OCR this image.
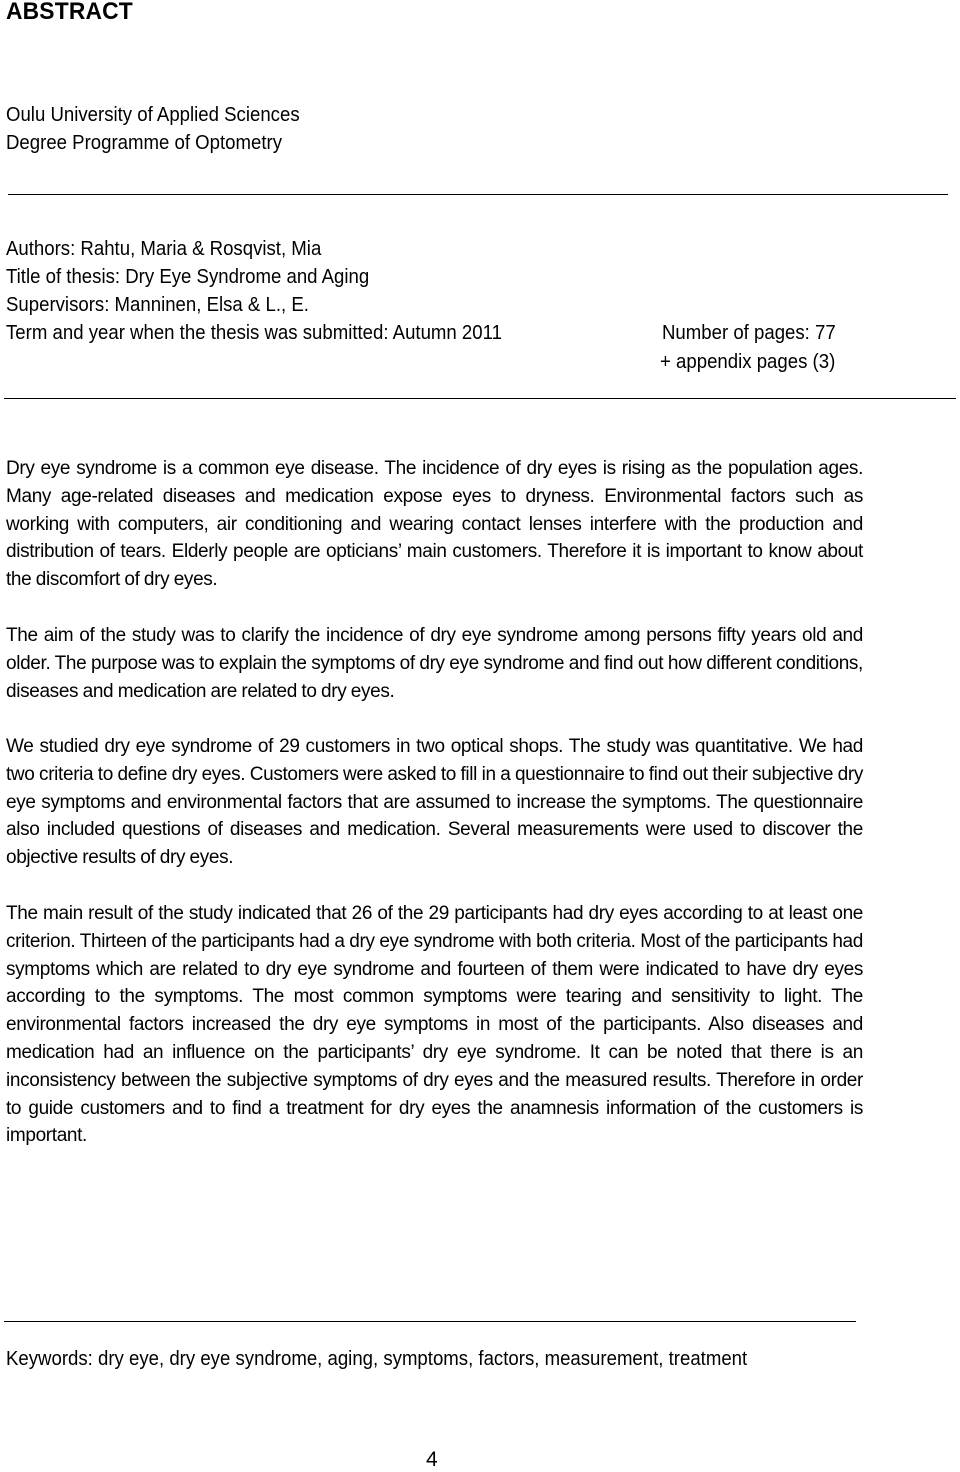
ABSTRACT
Oulu University of Applied Sciences
Degree Programme of Optometry
Authors: Rahtu, Maria & Rosqvist, Mia
Title of thesis: Dry Eye Syndrome and Aging
Supervisors: Manninen, Elsa & L., E.
Term and year when the thesis was submitted: Autumn 2011	Number of pages: 77
+ appendix pages (3)
Dry eye syndrome is a common eye disease. The incidence of dry eyes is rising as the population ages. Many age-related diseases and medication expose eyes to dryness. Environmental factors such as working with computers, air conditioning and wearing contact lenses interfere with the production and distribution of tears. Elderly people are opticians’ main customers. Therefore it is important to know about the discomfort of dry eyes.
The aim of the study was to clarify the incidence of dry eye syndrome among persons fifty years old and older. The purpose was to explain the symptoms of dry eye syndrome and find out how different conditions, diseases and medication are related to dry eyes.
We studied dry eye syndrome of 29 customers in two optical shops. The study was quantitative. We had two criteria to define dry eyes. Customers were asked to fill in a questionnaire to find out their subjective dry eye symptoms and environmental factors that are assumed to increase the symptoms. The questionnaire also included questions of diseases and medication. Several measurements were used to discover the objective results of dry eyes.
The main result of the study indicated that 26 of the 29 participants had dry eyes according to at least one criterion. Thirteen of the participants had a dry eye syndrome with both criteria. Most of the participants had symptoms which are related to dry eye syndrome and fourteen of them were indicated to have dry eyes according to the symptoms. The most common symptoms were tearing and sensitivity to light. The environmental factors increased the dry eye symptoms in most of the participants. Also diseases and medication had an influence on the participants’ dry eye syndrome. It can be noted that there is an inconsistency between the subjective symptoms of dry eyes and the measured results. Therefore in order to guide customers and to find a treatment for dry eyes the anamnesis information of the customers is important.
Keywords: dry eye, dry eye syndrome, aging, symptoms, factors, measurement, treatment
4
